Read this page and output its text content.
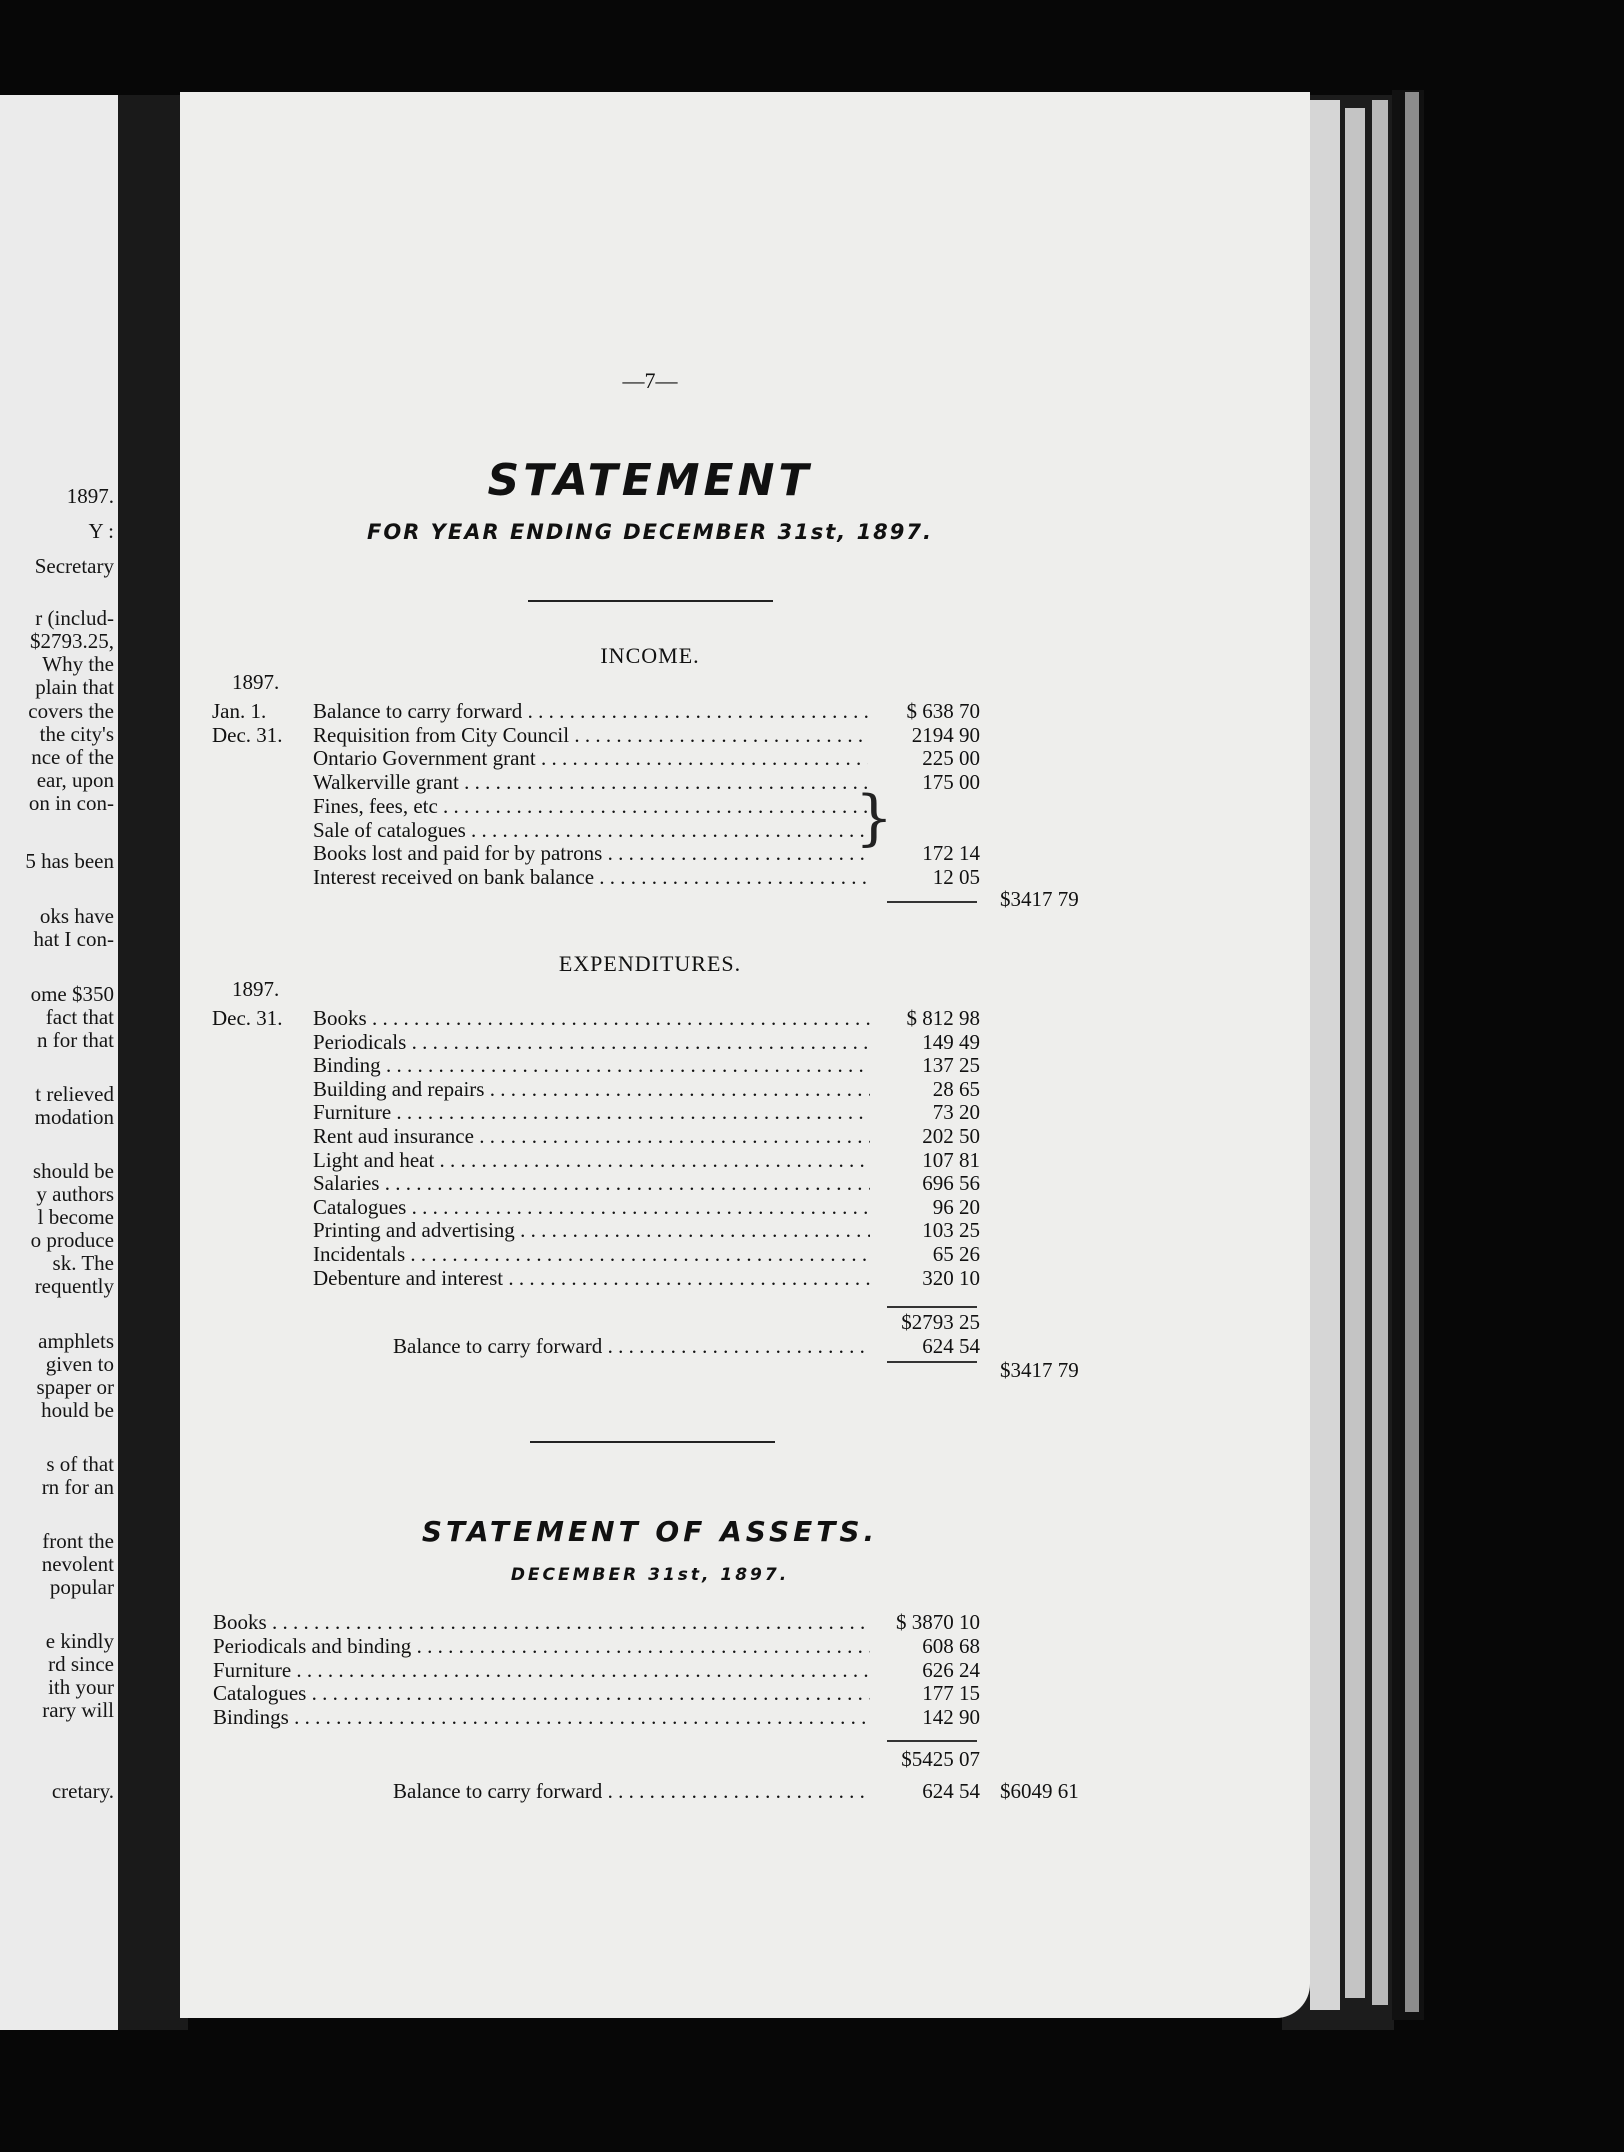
1897.
Y :
Secretary
r (includ-
$2793.25,
Why the
plain that
covers the
the city's
nce of the
ear, upon
on in con-
5 has been
oks have
hat I con-
ome $350
fact that
n for that
t relieved
modation
should be
y authors
l become
o produce
sk. The
requently
amphlets
given to
spaper or
hould be
s of that
rn for an
front the
nevolent
popular
e kindly
rd since
ith your
rary will
cretary.
—7—
STATEMENT
FOR YEAR ENDING DECEMBER 31st, 1897.
INCOME.
1897.
Jan. 1. Balance to carry forward . . .	$ 638 70
Dec. 31. Requisition from City Council . . .	2194 90
Ontario Government grant . . .	225 00
Walkerville grant . . .	175 00
Fines, fees, etc . . .
Sale of catalogues . . .
Books lost and paid for by patrons . . .	172 14
Interest received on bank balance . . .	12 05
}
$3417 79
EXPENDITURES.
1897.
Dec. 31. Books . . .	$ 812 98
Periodicals . . .	149 49
Binding . . .	137 25
Building and repairs . . .	28 65
Furniture . . .	73 20
Rent aud insurance . . .	202 50
Light and heat . . .	107 81
Salaries . . .	696 56
Catalogues . . .	96 20
Printing and advertising . . .	103 25
Incidentals . . .	65 26
Debenture and interest . . .	320 10
$2793 25
Balance to carry forward . . .	624 54
$3417 79
STATEMENT OF ASSETS.
DECEMBER 31st, 1897.
Books . . .	$ 3870 10
Periodicals and binding . . .	608 68
Furniture . . .	626 24
Catalogues . . .	177 15
Bindings . . .	142 90
$5425 07
Balance to carry forward . . .	624 54 $6049 61
